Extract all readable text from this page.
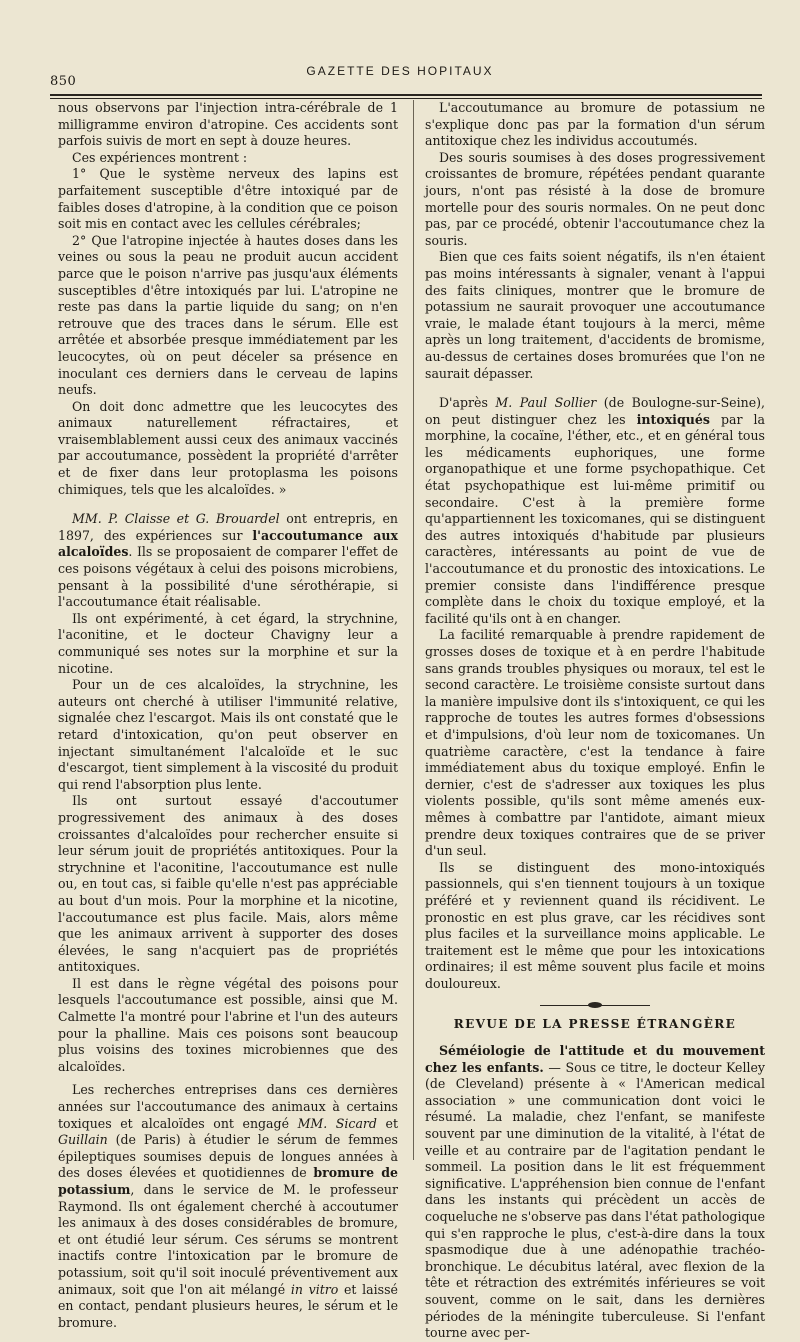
850
GAZETTE DES HOPITAUX

nous observons par l'injection intra-cérébrale de 1 milligramme environ d'atropine. Ces accidents sont parfois suivis de mort en sept à douze heures.

Ces expériences montrent :

1° Que le système nerveux des lapins est parfaitement susceptible d'être intoxiqué par de faibles doses d'atropine, à la condition que ce poison soit mis en contact avec les cellules cérébrales;

2° Que l'atropine injectée à hautes doses dans les veines ou sous la peau ne produit aucun accident parce que le poison n'arrive pas jusqu'aux éléments susceptibles d'être intoxiqués par lui. L'atropine ne reste pas dans la partie liquide du sang; on n'en retrouve que des traces dans le sérum. Elle est arrêtée et absorbée presque immédiatement par les leucocytes, où on peut déceler sa présence en inoculant ces derniers dans le cerveau de lapins neufs.

On doit donc admettre que les leucocytes des animaux naturellement réfractaires, et vraisemblablement aussi ceux des animaux vaccinés par accoutumance, possèdent la propriété d'arrêter et de fixer dans leur protoplasma les poisons chimiques, tels que les alcaloïdes. »

MM. P. Claisse et G. Brouardel ont entrepris, en 1897, des expériences sur l'accoutumance aux alcaloïdes. Ils se proposaient de comparer l'effet de ces poisons végétaux à celui des poisons microbiens, pensant à la possibilité d'une sérothérapie, si l'accoutumance était réalisable.

Ils ont expérimenté, à cet égard, la strychnine, l'aconitine, et le docteur Chavigny leur a communiqué ses notes sur la morphine et sur la nicotine.

Pour un de ces alcaloïdes, la strychnine, les auteurs ont cherché à utiliser l'immunité relative, signalée chez l'escargot. Mais ils ont constaté que le retard d'intoxication, qu'on peut observer en injectant simultanément l'alcaloïde et le suc d'escargot, tient simplement à la viscosité du produit qui rend l'absorption plus lente.

Ils ont surtout essayé d'accoutumer progressivement des animaux à des doses croissantes d'alcaloïdes pour rechercher ensuite si leur sérum jouit de propriétés antitoxiques. Pour la strychnine et l'aconitine, l'accoutumance est nulle ou, en tout cas, si faible qu'elle n'est pas appréciable au bout d'un mois. Pour la morphine et la nicotine, l'accoutumance est plus facile. Mais, alors même que les animaux arrivent à supporter des doses élevées, le sang n'acquiert pas de propriétés antitoxiques.

Il est dans le règne végétal des poisons pour lesquels l'accoutumance est possible, ainsi que M. Calmette l'a montré pour l'abrine et l'un des auteurs pour la phalline. Mais ces poisons sont beaucoup plus voisins des toxines microbiennes que des alcaloïdes.

Les recherches entreprises dans ces dernières années sur l'accoutumance des animaux à certains toxiques et alcaloïdes ont engagé MM. Sicard et Guillain (de Paris) à étudier le sérum de femmes épileptiques soumises depuis de longues années à des doses élevées et quotidiennes de bromure de potassium, dans le service de M. le professeur Raymond. Ils ont également cherché à accoutumer les animaux à des doses considérables de bromure, et ont étudié leur sérum. Ces sérums se montrent inactifs contre l'intoxication par le bromure de potassium, soit qu'il soit inoculé préventivement aux animaux, soit que l'on ait mélangé in vitro et laissé en contact, pendant plusieurs heures, le sérum et le bromure.

L'accoutumance au bromure de potassium ne s'explique donc pas par la formation d'un sérum antitoxique chez les individus accoutumés.

Des souris soumises à des doses progressivement croissantes de bromure, répétées pendant quarante jours, n'ont pas résisté à la dose de bromure mortelle pour des souris normales. On ne peut donc pas, par ce procédé, obtenir l'accoutumance chez la souris.

Bien que ces faits soient négatifs, ils n'en étaient pas moins intéressants à signaler, venant à l'appui des faits cliniques, montrer que le bromure de potassium ne saurait provoquer une accoutumance vraie, le malade étant toujours à la merci, même après un long traitement, d'accidents de bromisme, au-dessus de certaines doses bromurées que l'on ne saurait dépasser.

D'après M. Paul Sollier (de Boulogne-sur-Seine), on peut distinguer chez les intoxiqués par la morphine, la cocaïne, l'éther, etc., et en général tous les médicaments euphoriques, une forme organopathique et une forme psychopathique. Cet état psychopathique est lui-même primitif ou secondaire. C'est à la première forme qu'appartiennent les toxicomanes, qui se distinguent des autres intoxiqués d'habitude par plusieurs caractères, intéressants au point de vue de l'accoutumance et du pronostic des intoxications. Le premier consiste dans l'indifférence presque complète dans le choix du toxique employé, et la facilité qu'ils ont à en changer.

La facilité remarquable à prendre rapidement de grosses doses de toxique et à en perdre l'habitude sans grands troubles physiques ou moraux, tel est le second caractère. Le troisième consiste surtout dans la manière impulsive dont ils s'intoxiquent, ce qui les rapproche de toutes les autres formes d'obsessions et d'impulsions, d'où leur nom de toxicomanes. Un quatrième caractère, c'est la tendance à faire immédiatement abus du toxique employé. Enfin le dernier, c'est de s'adresser aux toxiques les plus violents possible, qu'ils sont même amenés eux-mêmes à combattre par l'antidote, aimant mieux prendre deux toxiques contraires que de se priver d'un seul.

Ils se distinguent des mono-intoxiqués passionnels, qui s'en tiennent toujours à un toxique préféré et y reviennent quand ils récidivent. Le pronostic en est plus grave, car les récidives sont plus faciles et la surveillance moins applicable. Le traitement est le même que pour les intoxications ordinaires; il est même souvent plus facile et moins douloureux.

REVUE DE LA PRESSE ÉTRANGÈRE

Séméiologie de l'attitude et du mouvement chez les enfants. — Sous ce titre, le docteur Kelley (de Cleveland) présente à « l'American medical association » une communication dont voici le résumé. La maladie, chez l'enfant, se manifeste souvent par une diminution de la vitalité, à l'état de veille et au contraire par de l'agitation pendant le sommeil. La position dans le lit est fréquemment significative. L'appréhension bien connue de l'enfant dans les instants qui précèdent un accès de coqueluche ne s'observe pas dans l'état pathologique qui s'en rapproche le plus, c'est-à-dire dans la toux spasmodique due à une adénopathie trachéo-bronchique. Le décubitus latéral, avec flexion de la tête et rétraction des extrémités inférieures se voit souvent, comme on le sait, dans les dernières périodes de la méningite tuberculeuse. Si l'enfant tourne avec per-
